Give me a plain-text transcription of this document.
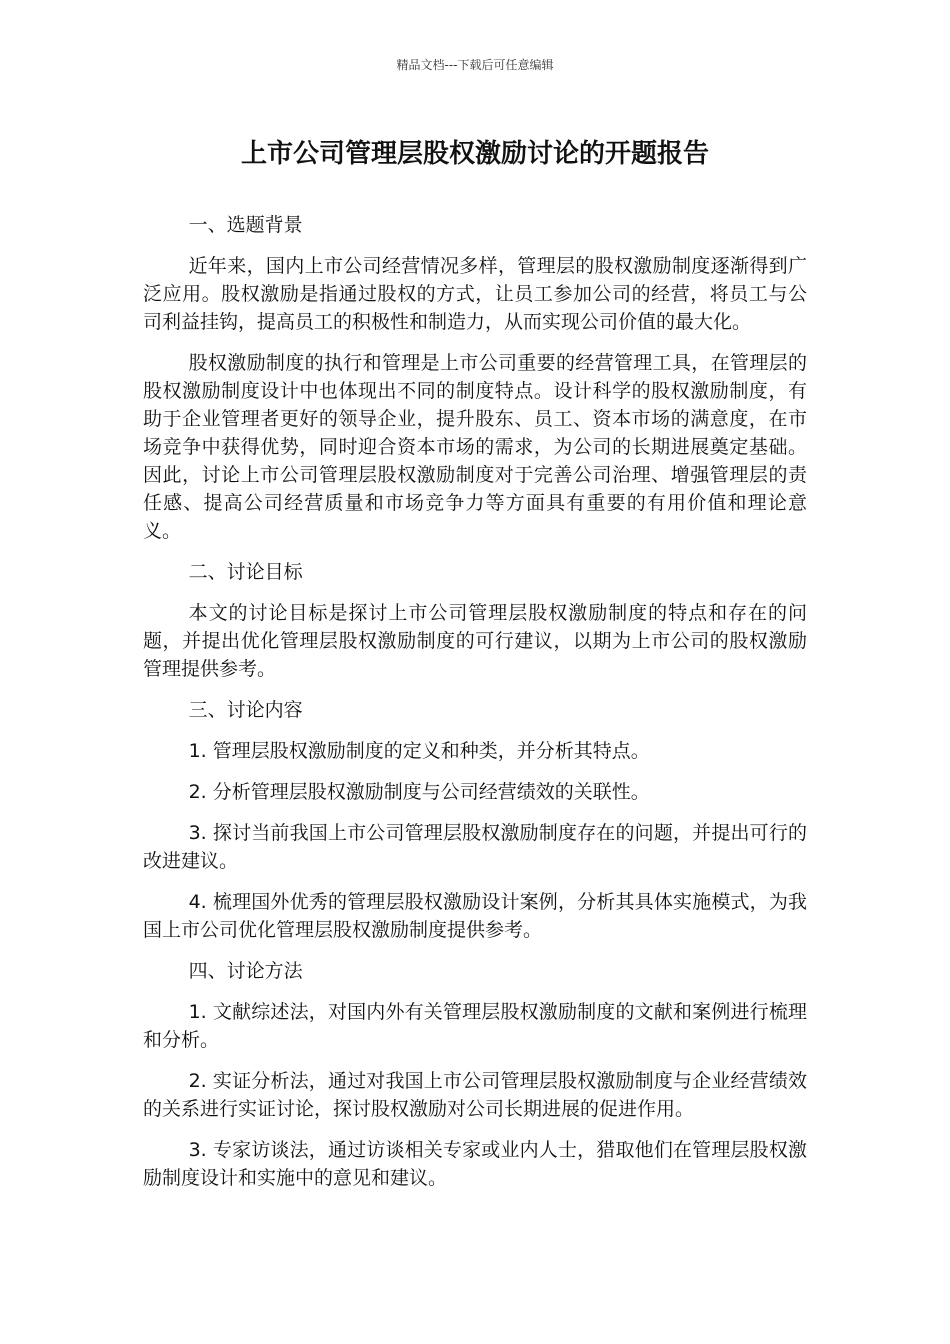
精品文档---下载后可任意编辑
上市公司管理层股权激励讨论的开题报告

一、选题背景

近年来，国内上市公司经营情况多样，管理层的股权激励制度逐渐得到广泛应用。股权激励是指通过股权的方式，让员工参加公司的经营，将员工与公司利益挂钩，提高员工的积极性和制造力，从而实现公司价值的最大化。

股权激励制度的执行和管理是上市公司重要的经营管理工具，在管理层的股权激励制度设计中也体现出不同的制度特点。设计科学的股权激励制度，有助于企业管理者更好的领导企业，提升股东、员工、资本市场的满意度，在市场竞争中获得优势，同时迎合资本市场的需求，为公司的长期进展奠定基础。因此，讨论上市公司管理层股权激励制度对于完善公司治理、增强管理层的责任感、提高公司经营质量和市场竞争力等方面具有重要的有用价值和理论意义。

二、讨论目标

本文的讨论目标是探讨上市公司管理层股权激励制度的特点和存在的问题，并提出优化管理层股权激励制度的可行建议，以期为上市公司的股权激励管理提供参考。

三、讨论内容

1. 管理层股权激励制度的定义和种类，并分析其特点。

2. 分析管理层股权激励制度与公司经营绩效的关联性。

3. 探讨当前我国上市公司管理层股权激励制度存在的问题，并提出可行的改进建议。

4. 梳理国外优秀的管理层股权激励设计案例，分析其具体实施模式，为我国上市公司优化管理层股权激励制度提供参考。

四、讨论方法

1. 文献综述法，对国内外有关管理层股权激励制度的文献和案例进行梳理和分析。

2. 实证分析法，通过对我国上市公司管理层股权激励制度与企业经营绩效的关系进行实证讨论，探讨股权激励对公司长期进展的促进作用。

3. 专家访谈法，通过访谈相关专家或业内人士，猎取他们在管理层股权激励制度设计和实施中的意见和建议。
